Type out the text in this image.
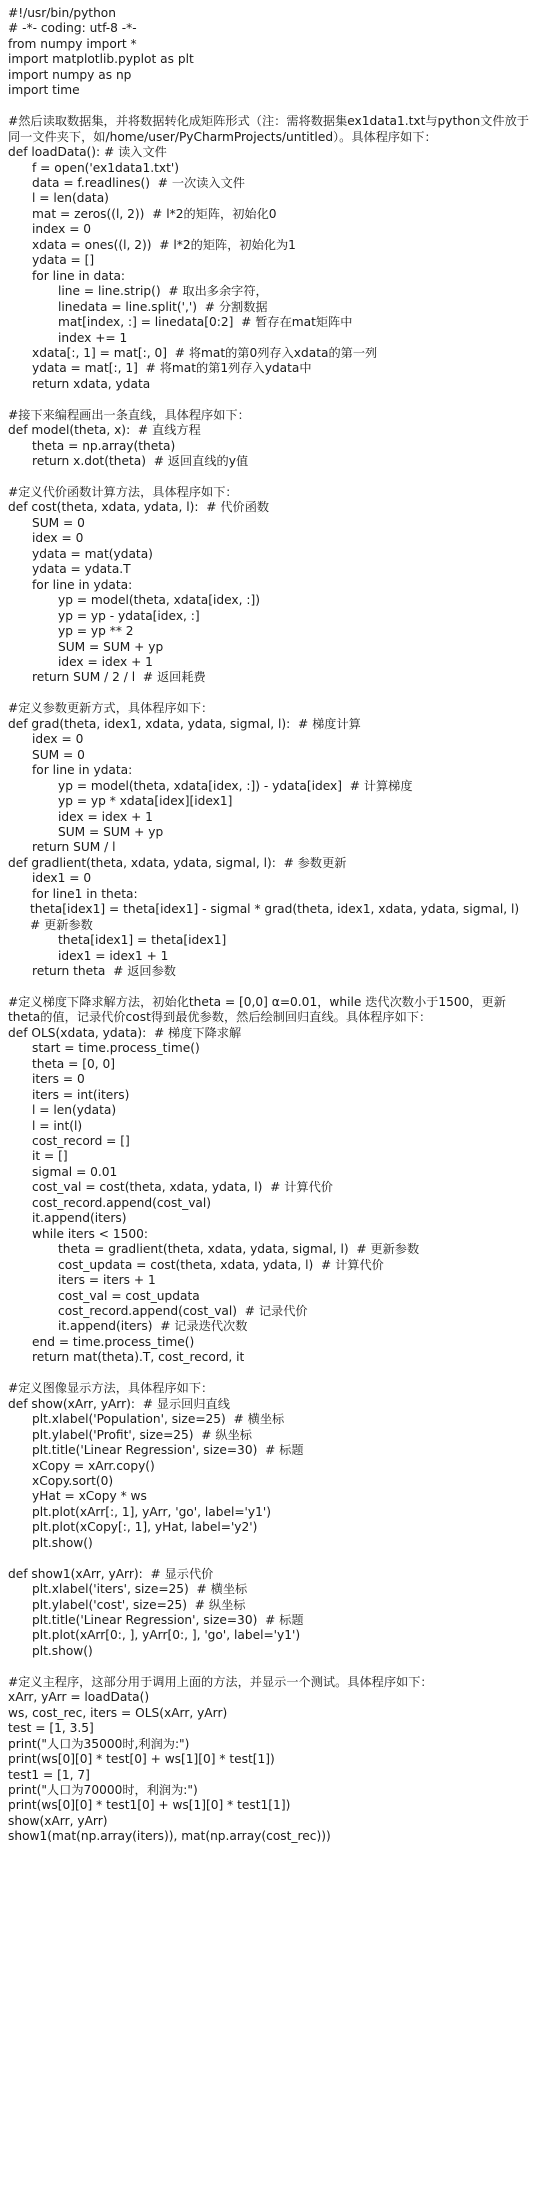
#!/usr/bin/python
# -*- coding: utf-8 -*-
from numpy import *
import matplotlib.pyplot as plt
import numpy as np
import time
#然后读取数据集，并将数据转化成矩阵形式（注：需将数据集ex1data1.txt与python文件放于同一文件夹下，如/home/user/PyCharmProjects/untitled）。具体程序如下：
def loadData(): # 读入文件
f = open('ex1data1.txt')
data = f.readlines()  # 一次读入文件
l = len(data)
mat = zeros((l, 2))  # l*2的矩阵，初始化0
index = 0
xdata = ones((l, 2))  # l*2的矩阵，初始化为1
ydata = []
for line in data:
line = line.strip()  # 取出多余字符，
linedata = line.split(',')  # 分割数据
mat[index, :] = linedata[0:2]  # 暂存在mat矩阵中
index += 1
xdata[:, 1] = mat[:, 0]  # 将mat的第0列存入xdata的第一列
ydata = mat[:, 1]  # 将mat的第1列存入ydata中
return xdata, ydata
#接下来编程画出一条直线，具体程序如下：
def model(theta, x):  # 直线方程
theta = np.array(theta)
return x.dot(theta)  # 返回直线的y值
#定义代价函数计算方法，具体程序如下：
def cost(theta, xdata, ydata, l):  # 代价函数
SUM = 0
idex = 0
ydata = mat(ydata)
ydata = ydata.T
for line in ydata:
yp = model(theta, xdata[idex, :])
yp = yp - ydata[idex, :]
yp = yp ** 2
SUM = SUM + yp
idex = idex + 1
return SUM / 2 / l  # 返回耗费
#定义参数更新方式，具体程序如下：
def grad(theta, idex1, xdata, ydata, sigmal, l):  # 梯度计算
idex = 0
SUM = 0
for line in ydata:
yp = model(theta, xdata[idex, :]) - ydata[idex]  # 计算梯度
yp = yp * xdata[idex][idex1]
idex = idex + 1
SUM = SUM + yp
return SUM / l
def gradlient(theta, xdata, ydata, sigmal, l):  # 参数更新
idex1 = 0
for line1 in theta:
theta[idex1] = theta[idex1] - sigmal * grad(theta, idex1, xdata, ydata, sigmal, l)  # 更新参数
theta[idex1] = theta[idex1]
idex1 = idex1 + 1
return theta  # 返回参数
#定义梯度下降求解方法，初始化theta = [0,0] α=0.01，while 迭代次数小于1500，更新theta的值，记录代价cost得到最优参数，然后绘制回归直线。具体程序如下：
def OLS(xdata, ydata):  # 梯度下降求解
start = time.process_time()
theta = [0, 0]
iters = 0
iters = int(iters)
l = len(ydata)
l = int(l)
cost_record = []
it = []
sigmal = 0.01
cost_val = cost(theta, xdata, ydata, l)  # 计算代价
cost_record.append(cost_val)
it.append(iters)
while iters < 1500:
theta = gradlient(theta, xdata, ydata, sigmal, l)  # 更新参数
cost_updata = cost(theta, xdata, ydata, l)  # 计算代价
iters = iters + 1
cost_val = cost_updata
cost_record.append(cost_val)  # 记录代价
it.append(iters)  # 记录迭代次数
end = time.process_time()
return mat(theta).T, cost_record, it
#定义图像显示方法，具体程序如下：
def show(xArr, yArr):  # 显示回归直线
plt.xlabel('Population', size=25)  # 横坐标
plt.ylabel('Profit', size=25)  # 纵坐标
plt.title('Linear Regression', size=30)  # 标题
xCopy = xArr.copy()
xCopy.sort(0)
yHat = xCopy * ws
plt.plot(xArr[:, 1], yArr, 'go', label='y1')
plt.plot(xCopy[:, 1], yHat, label='y2')
plt.show()
def show1(xArr, yArr):  # 显示代价
plt.xlabel('iters', size=25)  # 横坐标
plt.ylabel('cost', size=25)  # 纵坐标
plt.title('Linear Regression', size=30)  # 标题
plt.plot(xArr[0:, ], yArr[0:, ], 'go', label='y1')
plt.show()
#定义主程序，这部分用于调用上面的方法，并显示一个测试。具体程序如下：
xArr, yArr = loadData()
ws, cost_rec, iters = OLS(xArr, yArr)
test = [1, 3.5]
print("人口为35000时,利润为:")
print(ws[0][0] * test[0] + ws[1][0] * test[1])
test1 = [1, 7]
print("人口为70000时，利润为:")
print(ws[0][0] * test1[0] + ws[1][0] * test1[1])
show(xArr, yArr)
show1(mat(np.array(iters)), mat(np.array(cost_rec)))
